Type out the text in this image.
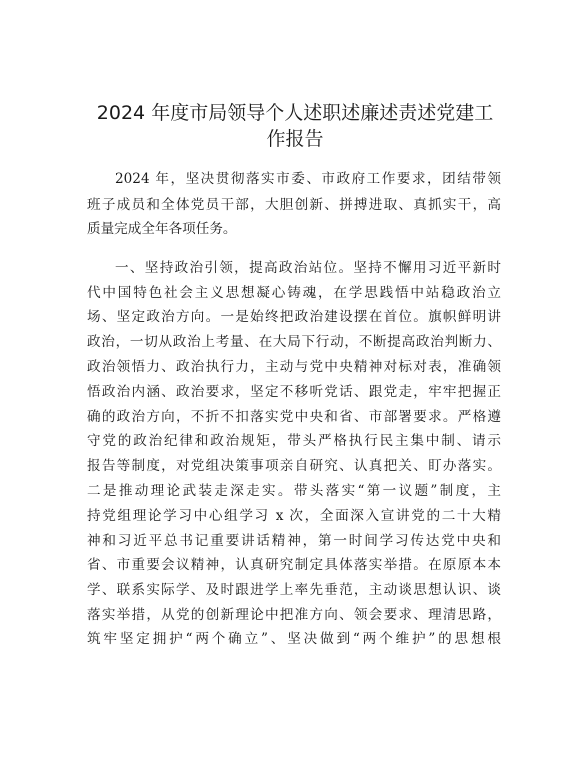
2024 年度市局领导个人述职述廉述责述党建工
作报告
2024 年，坚决贯彻落实市委、市政府工作要求，团结带领
班子成员和全体党员干部，大胆创新、拼搏进取、真抓实干，高
质量完成全年各项任务。
一、坚持政治引领，提高政治站位。坚持不懈用习近平新时
代中国特色社会主义思想凝心铸魂，在学思践悟中站稳政治立
场、坚定政治方向。一是始终把政治建设摆在首位。旗帜鲜明讲
政治，一切从政治上考量、在大局下行动，不断提高政治判断力、
政治领悟力、政治执行力，主动与党中央精神对标对表，准确领
悟政治内涵、政治要求，坚定不移听党话、跟党走，牢牢把握正
确的政治方向，不折不扣落实党中央和省、市部署要求。严格遵
守党的政治纪律和政治规矩，带头严格执行民主集中制、请示
报告等制度，对党组决策事项亲自研究、认真把关、盯办落实。
二是推动理论武装走深走实。带头落实“第一议题”制度，主
持党组理论学习中心组学习 x 次，全面深入宣讲党的二十大精
神和习近平总书记重要讲话精神，第一时间学习传达党中央和
省、市重要会议精神，认真研究制定具体落实举措。在原原本本
学、联系实际学、及时跟进学上率先垂范，主动谈思想认识、谈
落实举措，从党的创新理论中把准方向、领会要求、理清思路，
筑牢坚定拥护“两个确立”、坚决做到“两个维护”的思想根
